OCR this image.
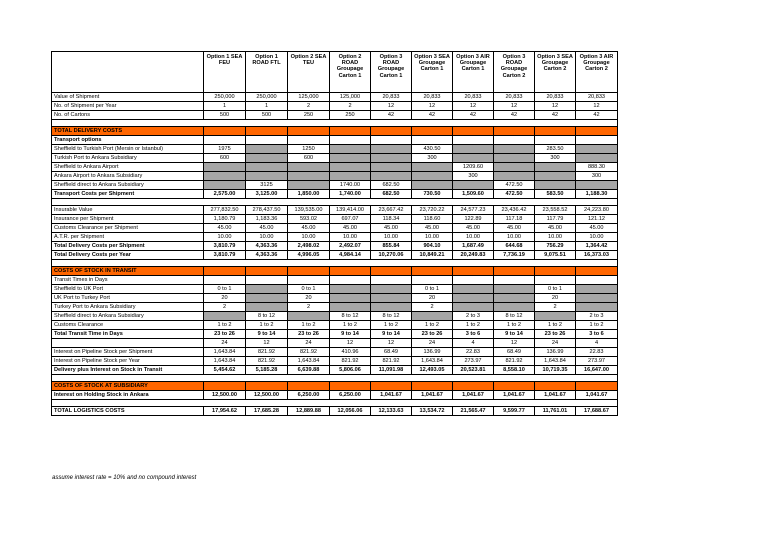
	Option 1 SEA FEU	Option 1 ROAD FTL	Option 2 SEA TEU	Option 2 ROAD Groupage Carton 1	Option 3 ROAD Groupage Carton 1	Option 3 SEA Groupage Carton 1	Option 3 AIR Groupage Carton 1	Option 3 ROAD Groupage Carton 2	Option 3 SEA Groupage Carton 2	Option 3 AIR Groupage Carton 2
Value of Shipment	250,000	250,000	125,000	125,000	20,833	20,833	20,833	20,833	20,833	20,833
No. of Shipment per Year	1	1	2	2	12	12	12	12	12	12
No. of Cartons	500	500	250	250	42	42	42	42	42	42

TOTAL DELIVERY COSTS										
Transport options										
Sheffield to Turkish Port (Mersin or Istanbul)	1975		1250			430.50			283.50	
Turkish Port to Ankara Subsidiary	600		600			300			300	
Sheffield to Ankara Airport							1209.60			888.30
Ankara Airport to Ankara Subsidiary							300			300
Sheffield direct to Ankara Subsidiary		3125		1740.00	682.50			472.50		
Transport Costs per Shipment	2,575.00	3,125.00	1,850.00	1,740.00	682.50	730.50	1,509.60	472.50	583.50	1,188.30

Insurable Value	277,832.50	278,437.50	139,535.00	139,414.00	23,667.42	23,720.22	24,577.23	23,436.42	23,558.52	24,223.80
Insurance per Shipment	1,180.79	1,183.36	593.02	697.07	118.34	118.60	122.89	117.18	117.79	121.12
Customs Clearance per Shipment	45.00	45.00	45.00	45.00	45.00	45.00	45.00	45.00	45.00	45.00
A.T.R. per Shipment	10.00	10.00	10.00	10.00	10.00	10.00	10.00	10.00	10.00	10.00
Total Delivery Costs per Shipment	3,810.79	4,363.36	2,498.02	2,492.07	855.84	904.10	1,687.49	644.68	756.29	1,364.42
Total Delivery Costs per Year	3,810.79	4,363.36	4,996.05	4,984.14	10,270.06	10,849.21	20,249.83	7,736.19	9,075.51	16,373.03

COSTS OF STOCK IN TRANSIT										
Transit Times in Days										
Sheffield to UK Port	0 to 1		0 to 1			0 to 1			0 to 1	
UK Port to Turkey Port	20		20			20			20	
Turkey Port to Ankara Subsidiary	2		2			2			2	
Sheffield direct to Ankara Subsidiary		8 to 12		8 to 12	8 to 12		2 to 3	8 to 12		2 to 3
Customs Clearance	1 to 2	1 to 2	1 to 2	1 to 2	1 to 2	1 to 2	1 to 2	1 to 2	1 to 2	1 to 2
Total Transit Time in Days	23 to 26	9 to 14	23 to 26	9 to 14	9 to 14	23 to 26	3 to 6	9 to 14	23 to 26	3 to 6
	24	12	24	12	12	24	4	12	24	4
Interest on Pipeline Stock per Shipment	1,643.84	821.92	821.92	410.96	68.49	136.99	22.83	68.49	136.99	22.83
Interest on Pipeline Stock per Year	1,643.84	821.92	1,643.84	821.92	821.92	1,643.84	273.97	821.92	1,643.84	273.97
Delivery plus Interest on Stock in Transit	5,454.62	5,185.28	6,639.88	5,806.06	11,091.98	12,493.05	20,523.81	8,558.10	10,719.35	16,647.00

COSTS OF STOCK AT SUBSIDIARY										
Interest on Holding Stock in Ankara	12,500.00	12,500.00	6,250.00	6,250.00	1,041.67	1,041.67	1,041.67	1,041.67	1,041.67	1,041.67

TOTAL LOGISTICS COSTS	17,954.62	17,685.28	12,889.88	12,056.06	12,133.63	13,534.72	21,565.47	9,599.77	11,761.01	17,688.67
assume interest rate = 10% and no compound interest
